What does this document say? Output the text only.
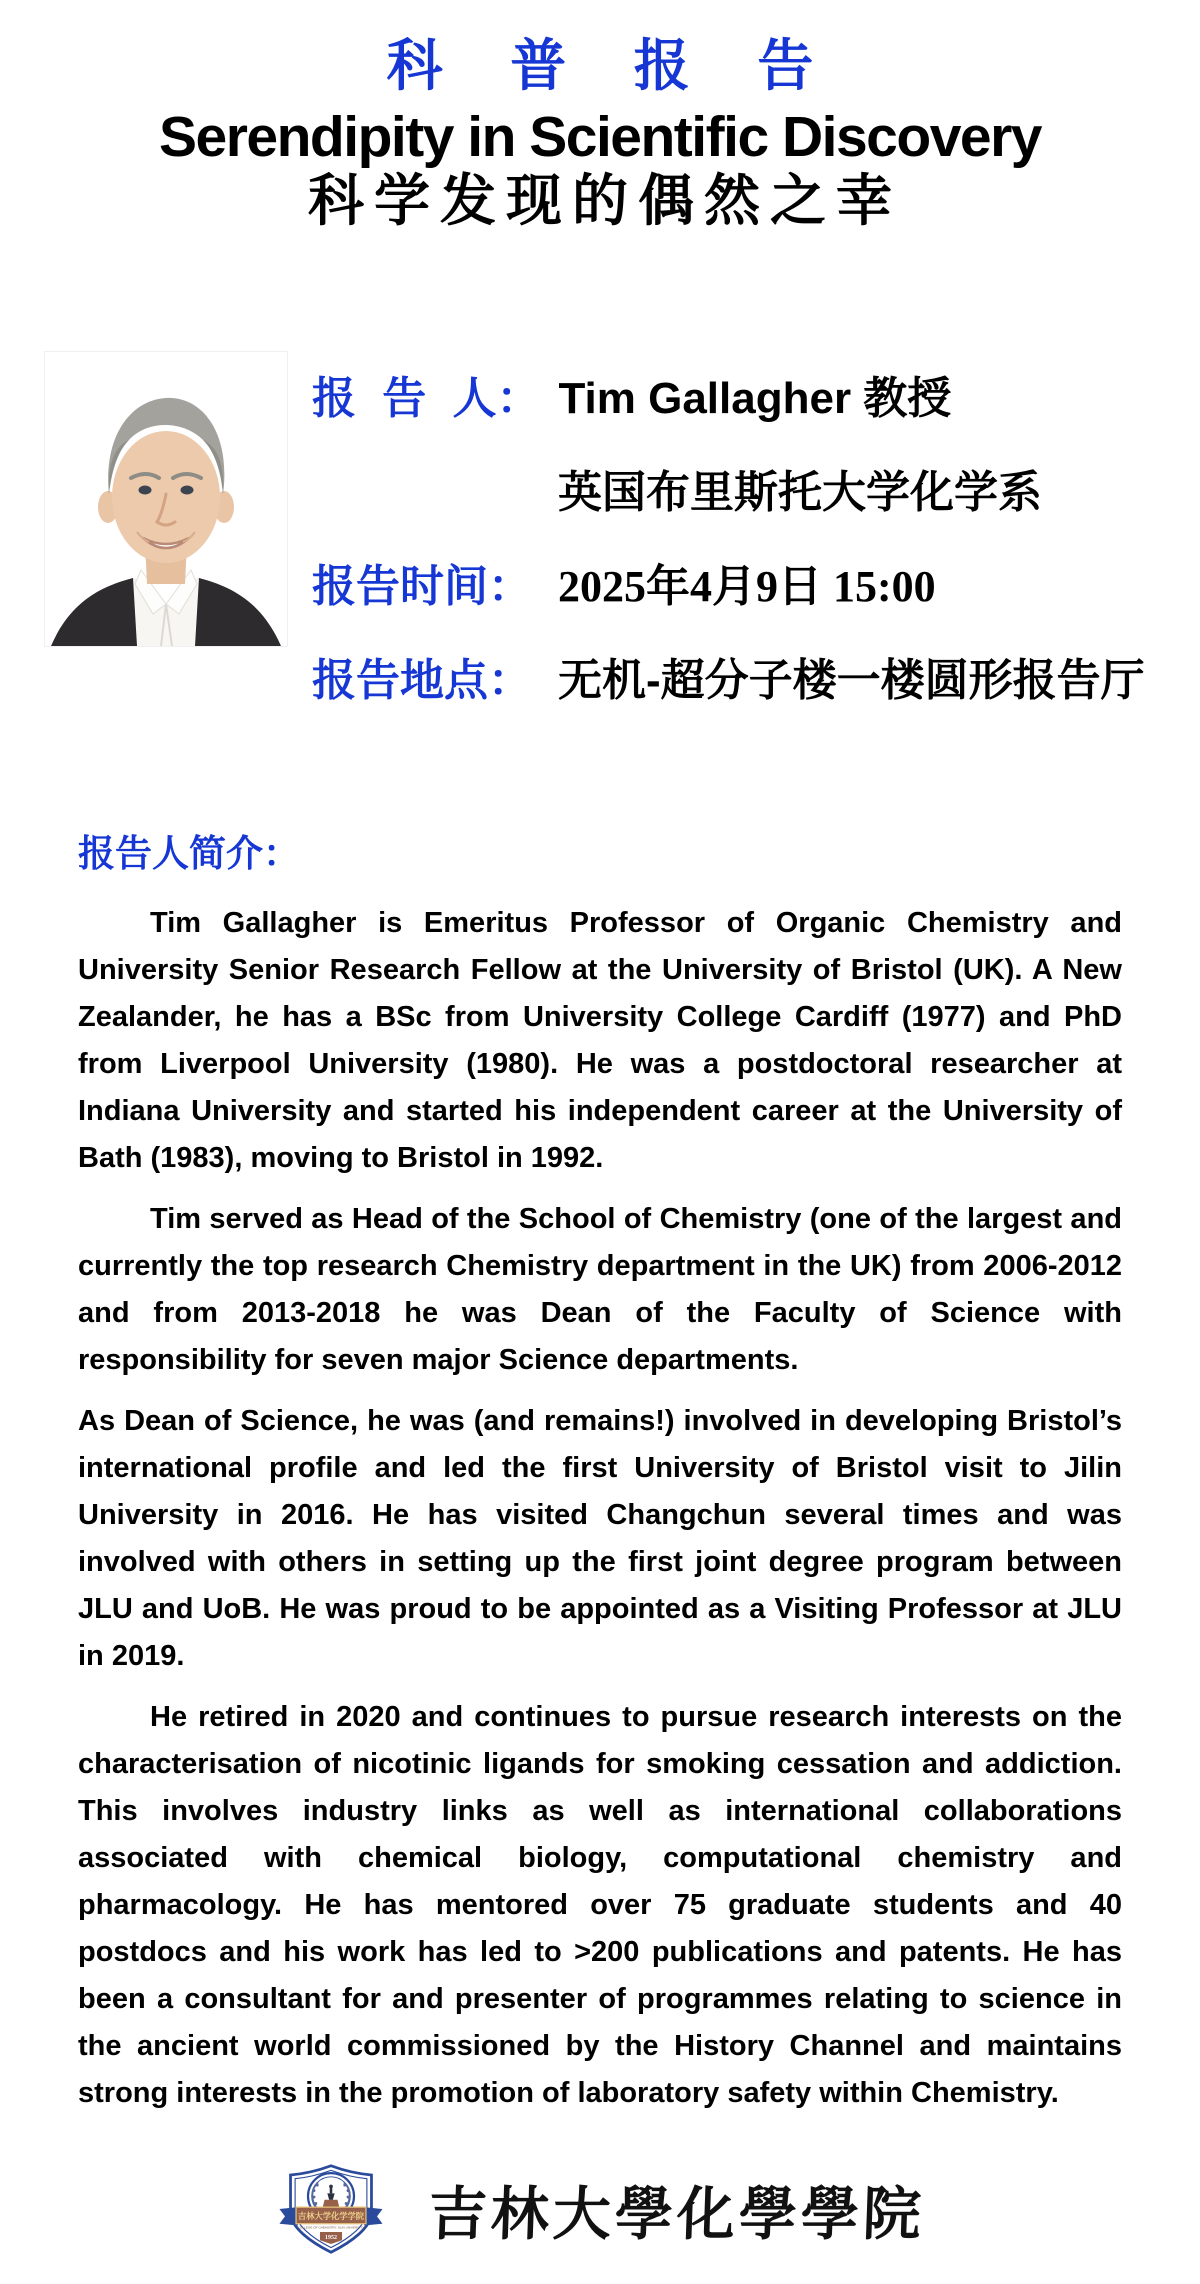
科 普 报 告
Serendipity in Scientific Discovery
科学发现的偶然之幸
报 告 人： Tim Gallagher 教授
英国布里斯托大学化学系
报告时间： 2025年4月9日 15:00
报告地点： 无机-超分子楼一楼圆形报告厅
报告人简介：

Tim Gallagher is Emeritus Professor of Organic Chemistry and University Senior Research Fellow at the University of Bristol (UK). A New Zealander, he has a BSc from University College Cardiff (1977) and PhD from Liverpool University (1980). He was a postdoctoral researcher at Indiana University and started his independent career at the University of Bath (1983), moving to Bristol in 1992.

Tim served as Head of the School of Chemistry (one of the largest and currently the top research Chemistry department in the UK) from 2006-2012 and from 2013-2018 he was Dean of the Faculty of Science with responsibility for seven major Science departments.

As Dean of Science, he was (and remains!) involved in developing Bristol’s international profile and led the first University of Bristol visit to Jilin University in 2016. He has visited Changchun several times and was involved with others in setting up the first joint degree program between JLU and UoB. He was proud to be appointed as a Visiting Professor at JLU in 2019.

He retired in 2020 and continues to pursue research interests on the characterisation of nicotinic ligands for smoking cessation and addiction. This involves industry links as well as international collaborations associated with chemical biology, computational chemistry and pharmacology. He has mentored over 75 graduate students and 40 postdocs and his work has led to >200 publications and patents. He has been a consultant for and presenter of programmes relating to science in the ancient world commissioned by the History Channel and maintains strong interests in the promotion of laboratory safety within Chemistry.

吉林大学化学学院
COLLEGE OF CHEMISTRY JILIN UNIVERSITY
1952 吉林大學化學學院
